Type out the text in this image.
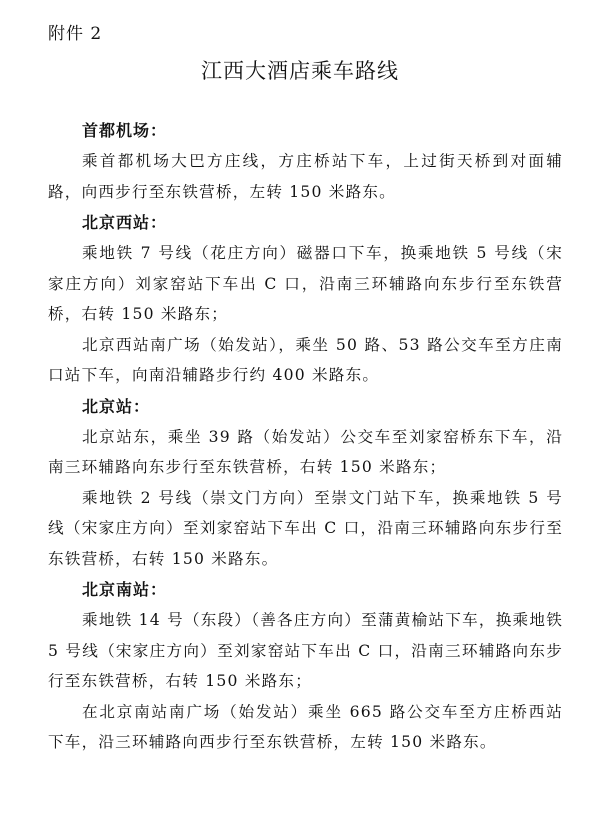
附件 2
江西大酒店乘车路线

首都机场：

乘首都机场大巴方庄线，方庄桥站下车，上过街天桥到对面辅路，向西步行至东铁营桥，左转 150 米路东。

北京西站：

乘地铁 7 号线（花庄方向）磁器口下车，换乘地铁 5 号线（宋家庄方向）刘家窑站下车出 C 口，沿南三环辅路向东步行至东铁营桥，右转 150 米路东；

北京西站南广场（始发站），乘坐 50 路、53 路公交车至方庄南口站下车，向南沿辅路步行约 400 米路东。

北京站：

北京站东，乘坐 39 路（始发站）公交车至刘家窑桥东下车，沿南三环辅路向东步行至东铁营桥，右转 150 米路东；

乘地铁 2 号线（崇文门方向）至崇文门站下车，换乘地铁 5 号线（宋家庄方向）至刘家窑站下车出 C 口，沿南三环辅路向东步行至东铁营桥，右转 150 米路东。

北京南站：

乘地铁 14 号（东段）（善各庄方向）至蒲黄榆站下车，换乘地铁 5 号线（宋家庄方向）至刘家窑站下车出 C 口，沿南三环辅路向东步行至东铁营桥，右转 150 米路东；

在北京南站南广场（始发站）乘坐 665 路公交车至方庄桥西站下车，沿三环辅路向西步行至东铁营桥，左转 150 米路东。
